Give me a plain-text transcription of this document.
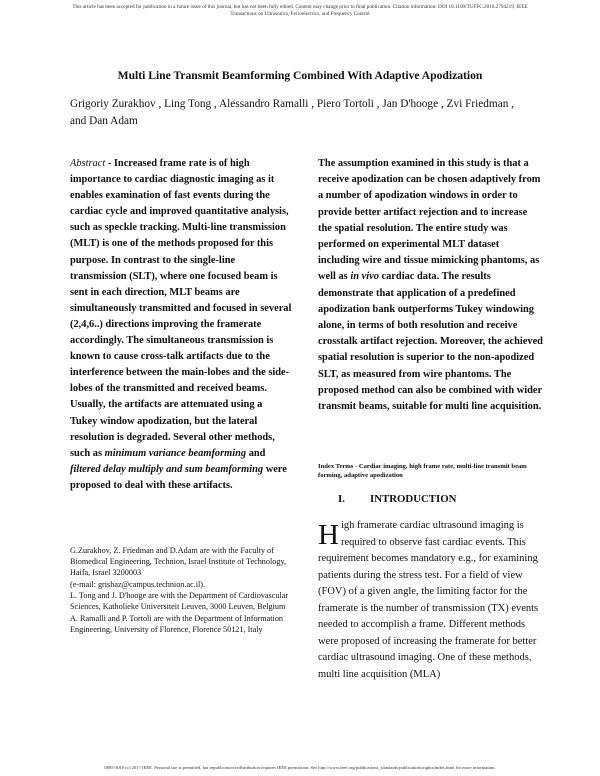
This article has been accepted for publication in a future issue of this journal, but has not been fully edited. Content may change prior to final publication. Citation information: DOI 10.1109/TUFFC.2016.2794219, IEEE
Transactions on Ultrasonics, Ferroelectrics, and Frequency Control
Multi Line Transmit Beamforming Combined With Adaptive Apodization
Grigoriy Zurakhov , Ling Tong , Alessandro Ramalli , Piero Tortoli , Jan D'hooge , Zvi Friedman , and Dan Adam

Abstract - Increased frame rate is of high importance to cardiac diagnostic imaging as it enables examination of fast events during the cardiac cycle and improved quantitative analysis, such as speckle tracking. Multi-line transmission (MLT) is one of the methods proposed for this purpose. In contrast to the single-line transmission (SLT), where one focused beam is sent in each direction, MLT beams are simultaneously transmitted and focused in several (2,4,6..) directions improving the framerate accordingly. The simultaneous transmission is known to cause cross-talk artifacts due to the interference between the main-lobes and the side-lobes of the transmitted and received beams. Usually, the artifacts are attenuated using a Tukey window apodization, but the lateral resolution is degraded. Several other methods, such as minimum variance beamforming and filtered delay multiply and sum beamforming were proposed to deal with these artifacts.

G.Zurakhov, Z. Friedman and D.Adam are with the Faculty of Biomedical Engineering, Technion, Israel Institute of Technology, Haifa, Israel 3200003

(e-mail: grishaz@campus.technion.ac.il).

L. Tong and J. D'hooge are with the Department of Cardiovascular Sciences, Katholieke Universiteit Leuven, 3000 Leuven, Belgium

A. Ramalli and P. Tortoli are with the Department of Information Engineering, University of Florence, Florence 50121, Italy

The assumption examined in this study is that a receive apodization can be chosen adaptively from a number of apodization windows in order to provide better artifact rejection and to increase the spatial resolution. The entire study was performed on experimental MLT dataset including wire and tissue mimicking phantoms, as well as in vivo cardiac data. The results demonstrate that application of a predefined apodization bank outperforms Tukey windowing alone, in terms of both resolution and receive crosstalk artifact rejection. Moreover, the achieved spatial resolution is superior to the non-apodized SLT, as measured from wire phantoms. The proposed method can also be combined with wider transmit beams, suitable for multi line acquisition.

Index Terms - Cardiac imaging, high frame rate, multi-line transmit beam forming, adaptive apodization
I. INTRODUCTION

High framerate cardiac ultrasound imaging is required to observe fast cardiac events. This requirement becomes mandatory e.g., for examining patients during the stress test. For a field of view (FOV) of a given angle, the limiting factor for the framerate is the number of transmission (TX) events needed to accomplish a frame. Different methods were proposed of increasing the framerate for better cardiac ultrasound imaging. One of these methods, multi line acquisition (MLA)

0885-3010 (c) 2017 IEEE. Personal use is permitted, but republication/redistribution requires IEEE permission. See http://www.ieee.org/publications_standards/publications/rights/index.html for more information.
